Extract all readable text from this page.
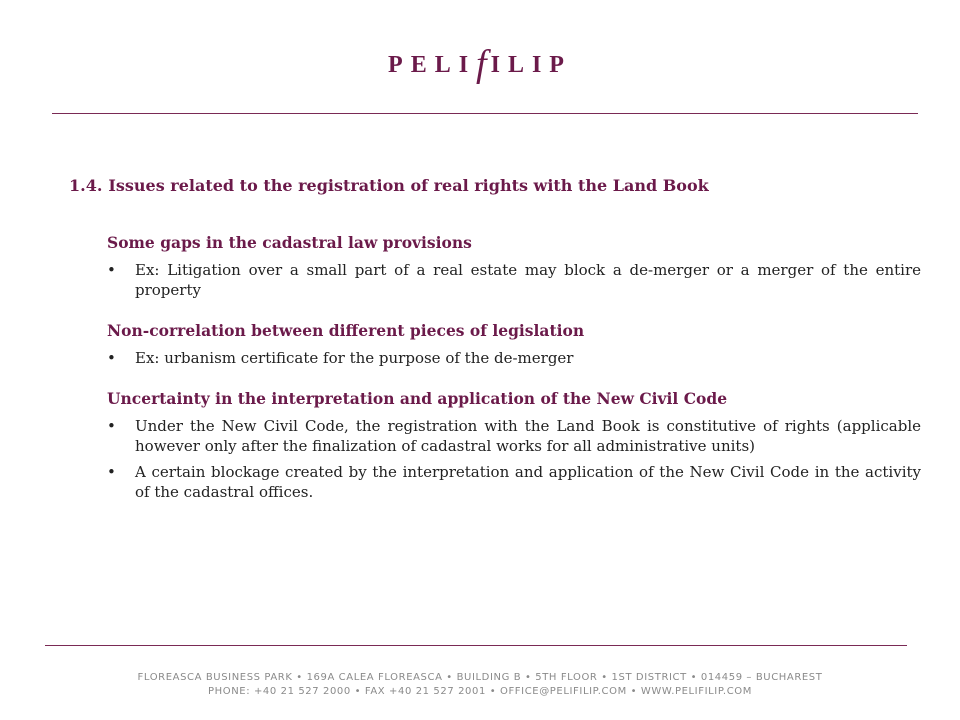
PELIfILIP
1.4. Issues related to the registration of real rights with the Land Book
Some gaps in the cadastral law provisions
• Ex: Litigation over a small part of a real estate may block a de-merger or a merger of the entire property
Non-correlation between different pieces of legislation
• Ex: urbanism certificate for the purpose of the de-merger
Uncertainty in the interpretation and application of the New Civil Code
• Under the New Civil Code, the registration with the Land Book is constitutive of rights (applicable however only after the finalization of cadastral works for all administrative units)
• A certain blockage created by the interpretation and application of the New Civil Code in the activity of the cadastral offices.
FLOREASCA BUSINESS PARK • 169A CALEA FLOREASCA • BUILDING B • 5TH FLOOR • 1ST DISTRICT • 014459 – BUCHAREST
PHONE: +40 21 527 2000 • FAX +40 21 527 2001 • OFFICE@PELIFILIP.COM • WWW.PELIFILIP.COM
